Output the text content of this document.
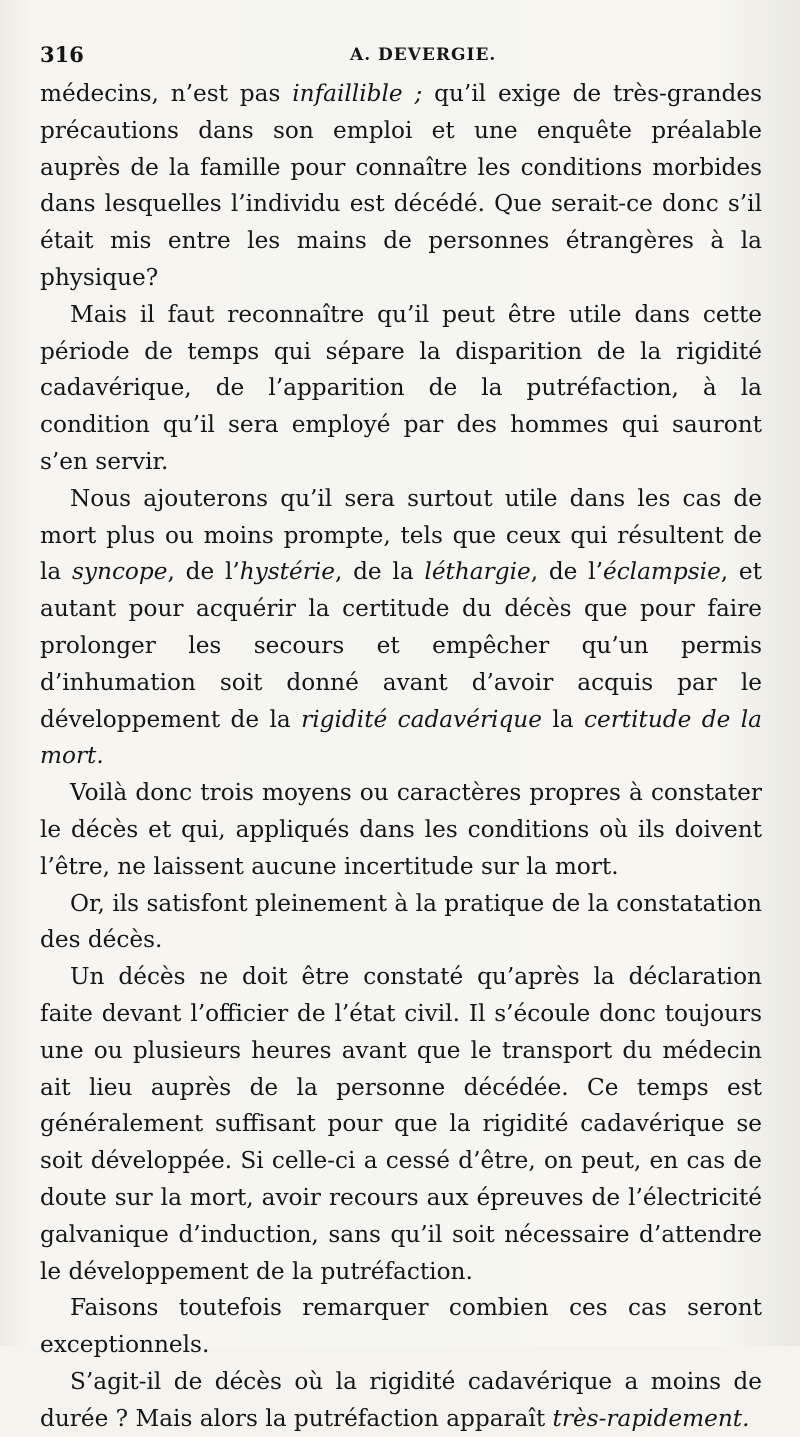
316	A. DEVERGIE.

médecins, n’est pas infaillible ; qu’il exige de très-grandes précautions dans son emploi et une enquête préalable auprès de la famille pour connaître les conditions morbides dans lesquelles l’individu est décédé. Que serait-ce donc s’il était mis entre les mains de personnes étrangères à la physique?

Mais il faut reconnaître qu’il peut être utile dans cette période de temps qui sépare la disparition de la rigidité cadavérique, de l’apparition de la putréfaction, à la condition qu’il sera employé par des hommes qui sauront s’en servir.

Nous ajouterons qu’il sera surtout utile dans les cas de mort plus ou moins prompte, tels que ceux qui résultent de la syncope, de l’hystérie, de la léthargie, de l’éclampsie, et autant pour acquérir la certitude du décès que pour faire prolonger les secours et empêcher qu’un permis d’inhumation soit donné avant d’avoir acquis par le développement de la rigidité cadavérique la certitude de la mort.

Voilà donc trois moyens ou caractères propres à constater le décès et qui, appliqués dans les conditions où ils doivent l’être, ne laissent aucune incertitude sur la mort.

Or, ils satisfont pleinement à la pratique de la constatation des décès.

Un décès ne doit être constaté qu’après la déclaration faite devant l’officier de l’état civil. Il s’écoule donc toujours une ou plusieurs heures avant que le transport du médecin ait lieu auprès de la personne décédée. Ce temps est généralement suffisant pour que la rigidité cadavérique se soit développée. Si celle-ci a cessé d’être, on peut, en cas de doute sur la mort, avoir recours aux épreuves de l’électricité galvanique d’induction, sans qu’il soit nécessaire d’attendre le développement de la putréfaction.

Faisons toutefois remarquer combien ces cas seront exceptionnels.

S’agit-il de décès où la rigidité cadavérique a moins de durée ? Mais alors la putréfaction apparaît très-rapidement.
